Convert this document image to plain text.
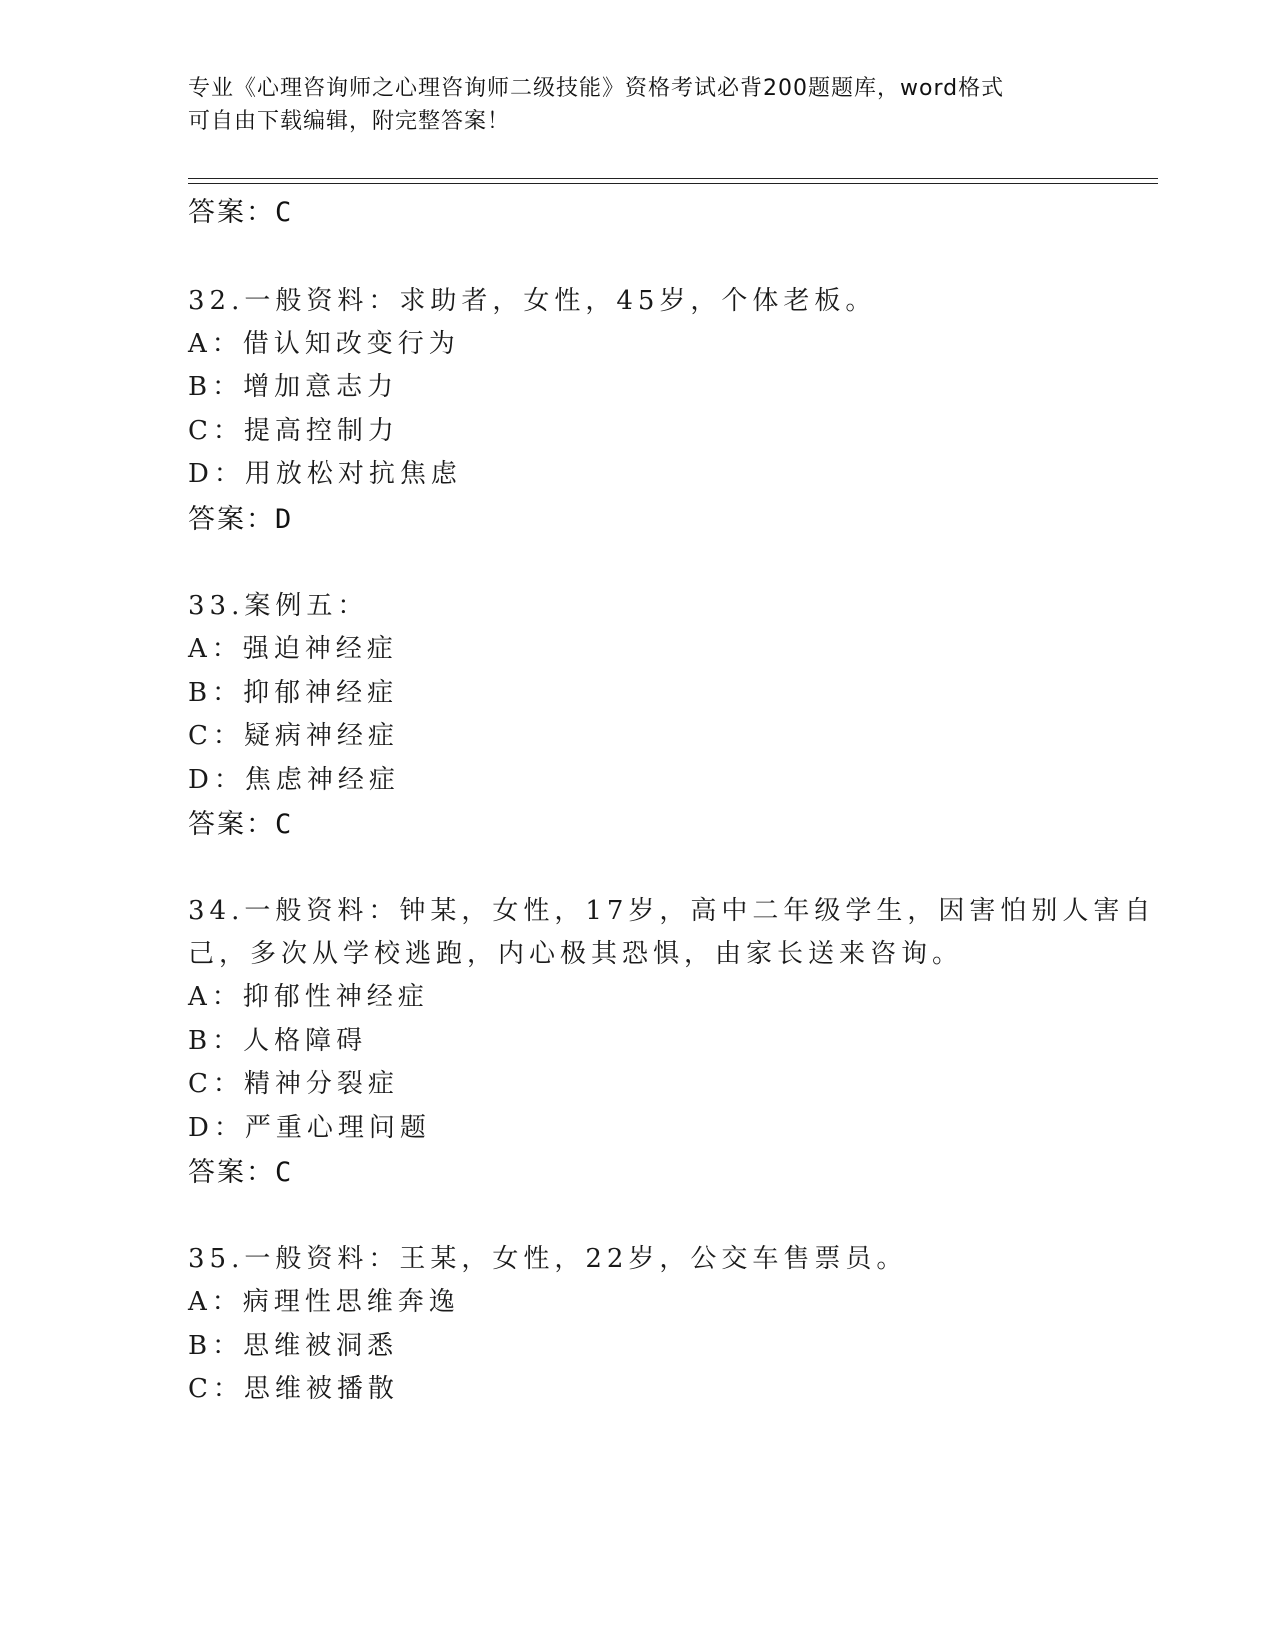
专业《心理咨询师之心理咨询师二级技能》资格考试必背200题题库，word格式
可自由下载编辑，附完整答案！
答案：C
32.一般资料：求助者，女性，45岁，个体老板。
A：借认知改变行为
B：增加意志力
C：提高控制力
D：用放松对抗焦虑
答案：D
33.案例五：
A：强迫神经症
B：抑郁神经症
C：疑病神经症
D：焦虑神经症
答案：C
34.一般资料：钟某，女性，17岁，高中二年级学生，因害怕别人害自
己，多次从学校逃跑，内心极其恐惧，由家长送来咨询。
A：抑郁性神经症
B：人格障碍
C：精神分裂症
D：严重心理问题
答案：C
35.一般资料：王某，女性，22岁，公交车售票员。
A：病理性思维奔逸
B：思维被洞悉
C：思维被播散
